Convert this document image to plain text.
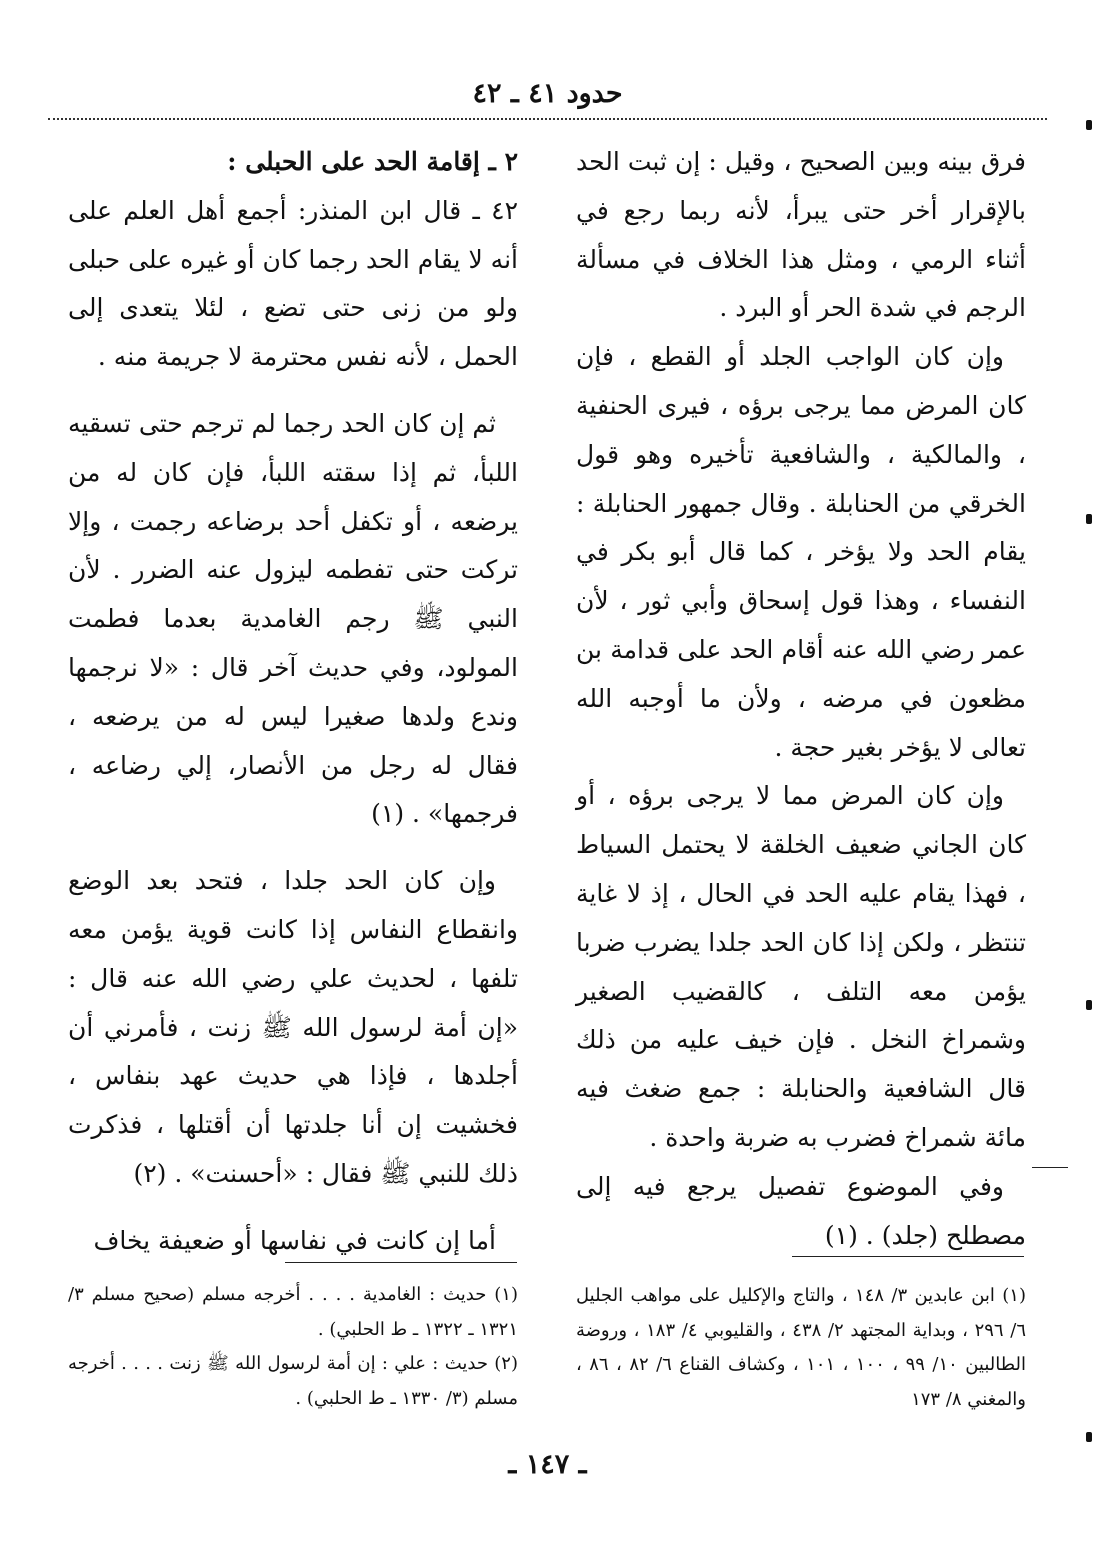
حدود ٤١ ـ ٤٢

فرق بينه وبين الصحيح ، وقيل : إن ثبت الحد بالإقرار أخر حتى يبرأ، لأنه ربما رجع في أثناء الرمي ، ومثل هذا الخلاف في مسألة الرجم في شدة الحر أو البرد .

وإن كان الواجب الجلد أو القطع ، فإن كان المرض مما يرجى برؤه ، فيرى الحنفية ، والمالكية ، والشافعية تأخيره وهو قول الخرقي من الحنابلة . وقال جمهور الحنابلة : يقام الحد ولا يؤخر ، كما قال أبو بكر في النفساء ، وهذا قول إسحاق وأبي ثور ، لأن عمر رضي الله عنه أقام الحد على قدامة بن مظعون في مرضه ، ولأن ما أوجبه الله تعالى لا يؤخر بغير حجة .

وإن كان المرض مما لا يرجى برؤه ، أو كان الجاني ضعيف الخلقة لا يحتمل السياط ، فهذا يقام عليه الحد في الحال ، إذ لا غاية تنتظر ، ولكن إذا كان الحد جلدا يضرب ضربا يؤمن معه التلف ، كالقضيب الصغير وشمراخ النخل . فإن خيف عليه من ذلك قال الشافعية والحنابلة : جمع ضغث فيه مائة شمراخ فضرب به ضربة واحدة .

وفي الموضوع تفصيل يرجع فيه إلى مصطلح (جلد) . (١)

٢ ـ إقامة الحد على الحبلى :

٤٢ ـ قال ابن المنذر: أجمع أهل العلم على أنه لا يقام الحد رجما كان أو غيره على حبلى ولو من زنى حتى تضع ، لئلا يتعدى إلى الحمل ، لأنه نفس محترمة لا جريمة منه .

ثم إن كان الحد رجما لم ترجم حتى تسقيه اللبأ، ثم إذا سقته اللبأ، فإن كان له من يرضعه ، أو تكفل أحد برضاعه رجمت ، وإلا تركت حتى تفطمه ليزول عنه الضرر . لأن النبي ﷺ رجم الغامدية بعدما فطمت المولود، وفي حديث آخر قال : «لا نرجمها وندع ولدها صغيرا ليس له من يرضعه ، فقال له رجل من الأنصار، إلي رضاعه ، فرجمها» . (١)

وإن كان الحد جلدا ، فتحد بعد الوضع وانقطاع النفاس إذا كانت قوية يؤمن معه تلفها ، لحديث علي رضي الله عنه قال : «إن أمة لرسول الله ﷺ زنت ، فأمرني أن أجلدها ، فإذا هي حديث عهد بنفاس ، فخشيت إن أنا جلدتها أن أقتلها ، فذكرت ذلك للنبي ﷺ فقال : «أحسنت» . (٢)

أما إن كانت في نفاسها أو ضعيفة يخاف

(١) ابن عابدين ٣/ ١٤٨ ، والتاج والإكليل على مواهب الجليل ٦/ ٢٩٦ ، وبداية المجتهد ٢/ ٤٣٨ ، والقليوبي ٤/ ١٨٣ ، وروضة الطالبين ١٠/ ٩٩ ، ١٠٠ ، ١٠١ ، وكشاف القناع ٦/ ٨٢ ، ٨٦ ، والمغني ٨/ ١٧٣

(١) حديث : الغامدية . . . . أخرجه مسلم (صحيح مسلم ٣/ ١٣٢١ ـ ١٣٢٢ ـ ط الحلبي) .

(٢) حديث : علي : إن أمة لرسول الله ﷺ زنت . . . . أخرجه مسلم (٣/ ١٣٣٠ ـ ط الحلبي) .

ـ ١٤٧ ـ
